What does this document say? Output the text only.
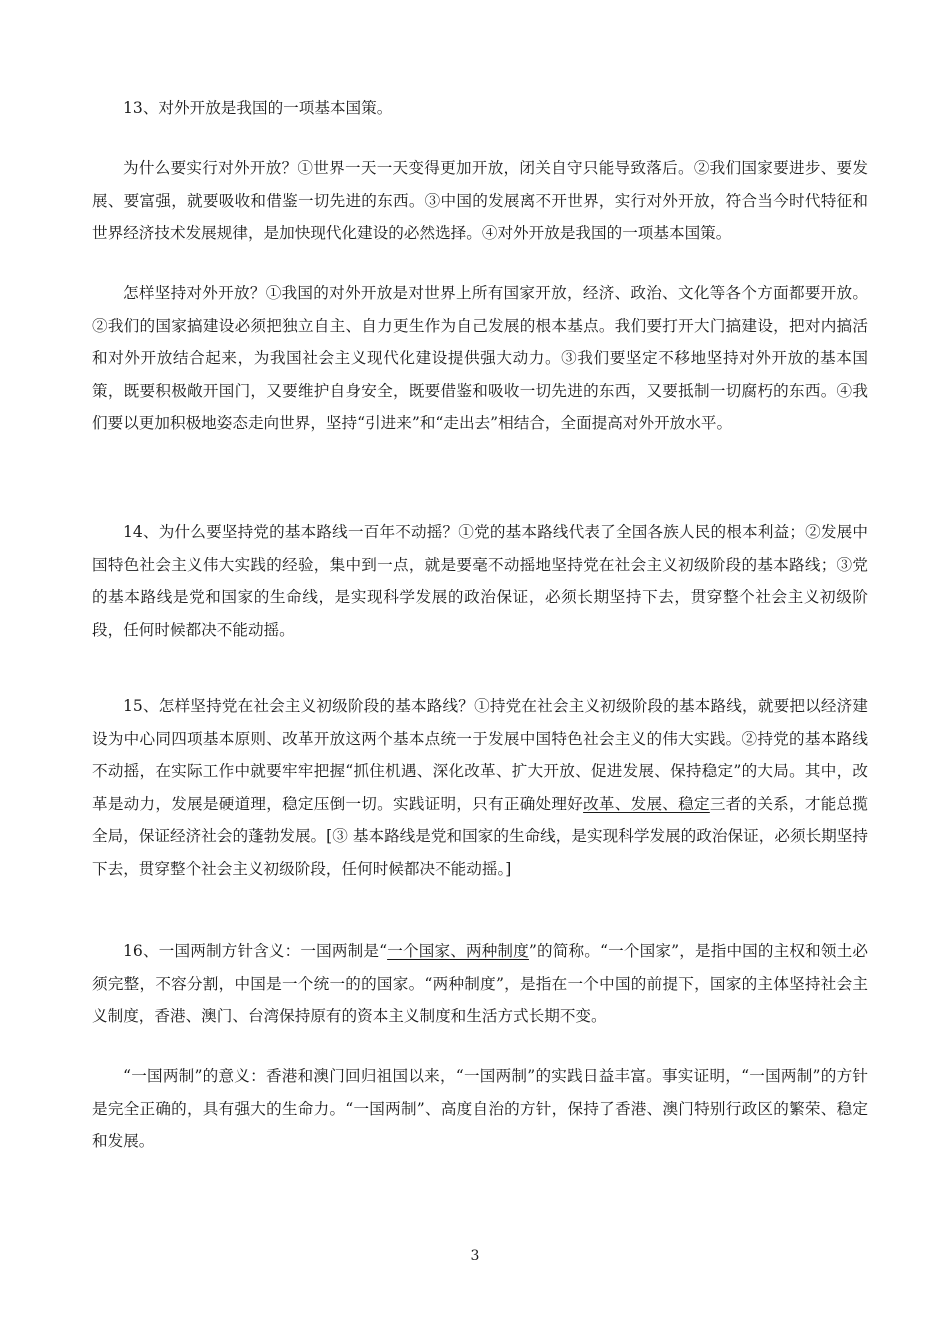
13、对外开放是我国的一项基本国策。

为什么要实行对外开放？①世界一天一天变得更加开放，闭关自守只能导致落后。②我们国家要进步、要发展、要富强，就要吸收和借鉴一切先进的东西。③中国的发展离不开世界，实行对外开放，符合当今时代特征和世界经济技术发展规律，是加快现代化建设的必然选择。④对外开放是我国的一项基本国策。

怎样坚持对外开放？①我国的对外开放是对世界上所有国家开放，经济、政治、文化等各个方面都要开放。②我们的国家搞建设必须把独立自主、自力更生作为自己发展的根本基点。我们要打开大门搞建设，把对内搞活和对外开放结合起来，为我国社会主义现代化建设提供强大动力。③我们要坚定不移地坚持对外开放的基本国策，既要积极敞开国门，又要维护自身安全，既要借鉴和吸收一切先进的东西，又要抵制一切腐朽的东西。④我们要以更加积极地姿态走向世界，坚持“引进来”和“走出去”相结合，全面提高对外开放水平。

14、为什么要坚持党的基本路线一百年不动摇？①党的基本路线代表了全国各族人民的根本利益；②发展中国特色社会主义伟大实践的经验，集中到一点，就是要毫不动摇地坚持党在社会主义初级阶段的基本路线；③党的基本路线是党和国家的生命线，是实现科学发展的政治保证，必须长期坚持下去，贯穿整个社会主义初级阶段，任何时候都决不能动摇。

15、怎样坚持党在社会主义初级阶段的基本路线？①持党在社会主义初级阶段的基本路线，就要把以经济建设为中心同四项基本原则、改革开放这两个基本点统一于发展中国特色社会主义的伟大实践。②持党的基本路线不动摇，在实际工作中就要牢牢把握“抓住机遇、深化改革、扩大开放、促进发展、保持稳定”的大局。其中，改革是动力，发展是硬道理，稳定压倒一切。实践证明，只有正确处理好改革、发展、稳定三者的关系，才能总揽全局，保证经济社会的蓬勃发展。[③ 基本路线是党和国家的生命线，是实现科学发展的政治保证，必须长期坚持下去，贯穿整个社会主义初级阶段，任何时候都决不能动摇。]

16、一国两制方针含义：一国两制是“一个国家、两种制度”的简称。“一个国家”，是指中国的主权和领土必须完整，不容分割，中国是一个统一的的国家。“两种制度”，是指在一个中国的前提下，国家的主体坚持社会主义制度，香港、澳门、台湾保持原有的资本主义制度和生活方式长期不变。

“一国两制”的意义：香港和澳门回归祖国以来，“一国两制”的实践日益丰富。事实证明，“一国两制”的方针是完全正确的，具有强大的生命力。“一国两制”、高度自治的方针，保持了香港、澳门特别行政区的繁荣、稳定和发展。

3
